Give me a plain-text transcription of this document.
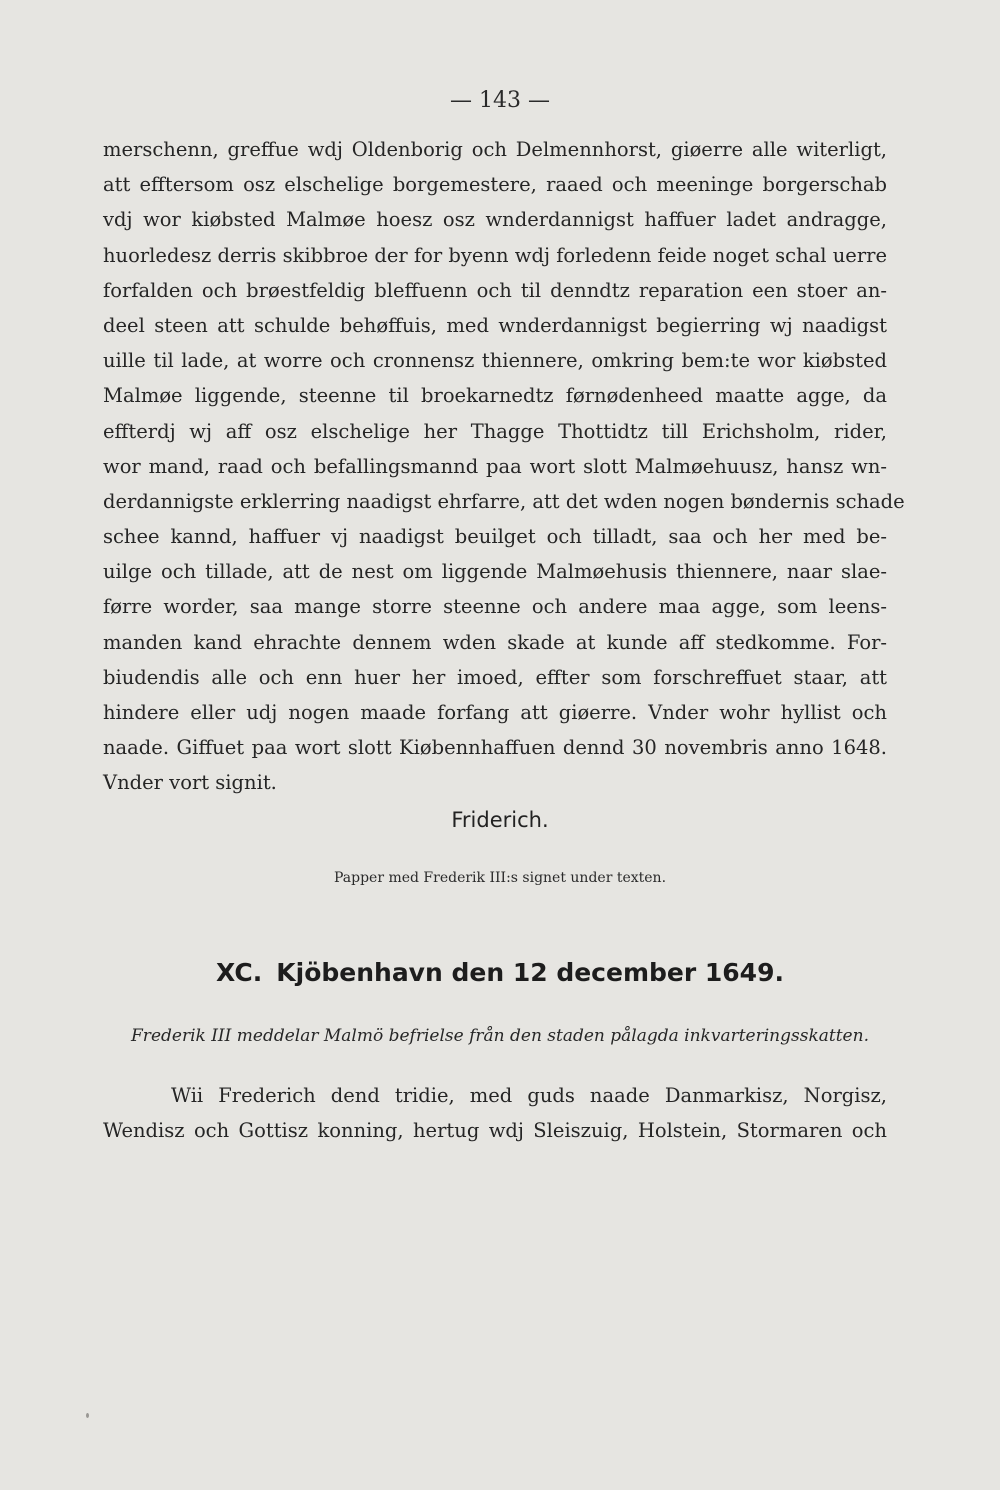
— 143 —
merschenn, greffue wdj Oldenborig och Delmennhorst, giøerre alle witerligt,
att efftersom osz elschelige borgemestere, raaed och meeninge borgerschab
vdj wor kiøbsted Malmøe hoesz osz wnderdannigst haffuer ladet andragge,
huorledesz derris skibbroe der for byenn wdj forledenn feide noget schal uerre
forfalden och brøestfeldig bleffuenn och til denndtz reparation een stoer an-
deel steen att schulde behøffuis, med wnderdannigst begierring wj naadigst
uille til lade, at worre och cronnensz thiennere, omkring bem:te wor kiøbsted
Malmøe liggende, steenne til broekarnedtz førnødenheed maatte agge, da
effterdj wj aff osz elschelige her Thagge Thottidtz till Erichsholm, rider,
wor mand, raad och befallingsmannd paa wort slott Malmøehuusz, hansz wn-
derdannigste erklerring naadigst ehrfarre, att det wden nogen bøndernis schade
schee kannd, haffuer vj naadigst beuilget och tilladt, saa och her med be-
uilge och tillade, att de nest om liggende Malmøehusis thiennere, naar slae-
førre worder, saa mange storre steenne och andere maa agge, som leens-
manden kand ehrachte dennem wden skade at kunde aff stedkomme. For-
biudendis alle och enn huer her imoed, effter som forschreffuet staar, att
hindere eller udj nogen maade forfang att giøerre. Vnder wohr hyllist och
naade. Giffuet paa wort slott Kiøbennhaffuen dennd 30 novembris anno 1648.
Vnder vort signit.
Friderich.
Papper med Frederik III:s signet under texten.
XC. Kjöbenhavn den 12 december 1649.
Frederik III meddelar Malmö befrielse från den staden pålagda inkvarteringsskatten.
Wii Frederich dend tridie, med guds naade Danmarkisz, Norgisz,
Wendisz och Gottisz konning, hertug wdj Sleiszuig, Holstein, Stormaren och
